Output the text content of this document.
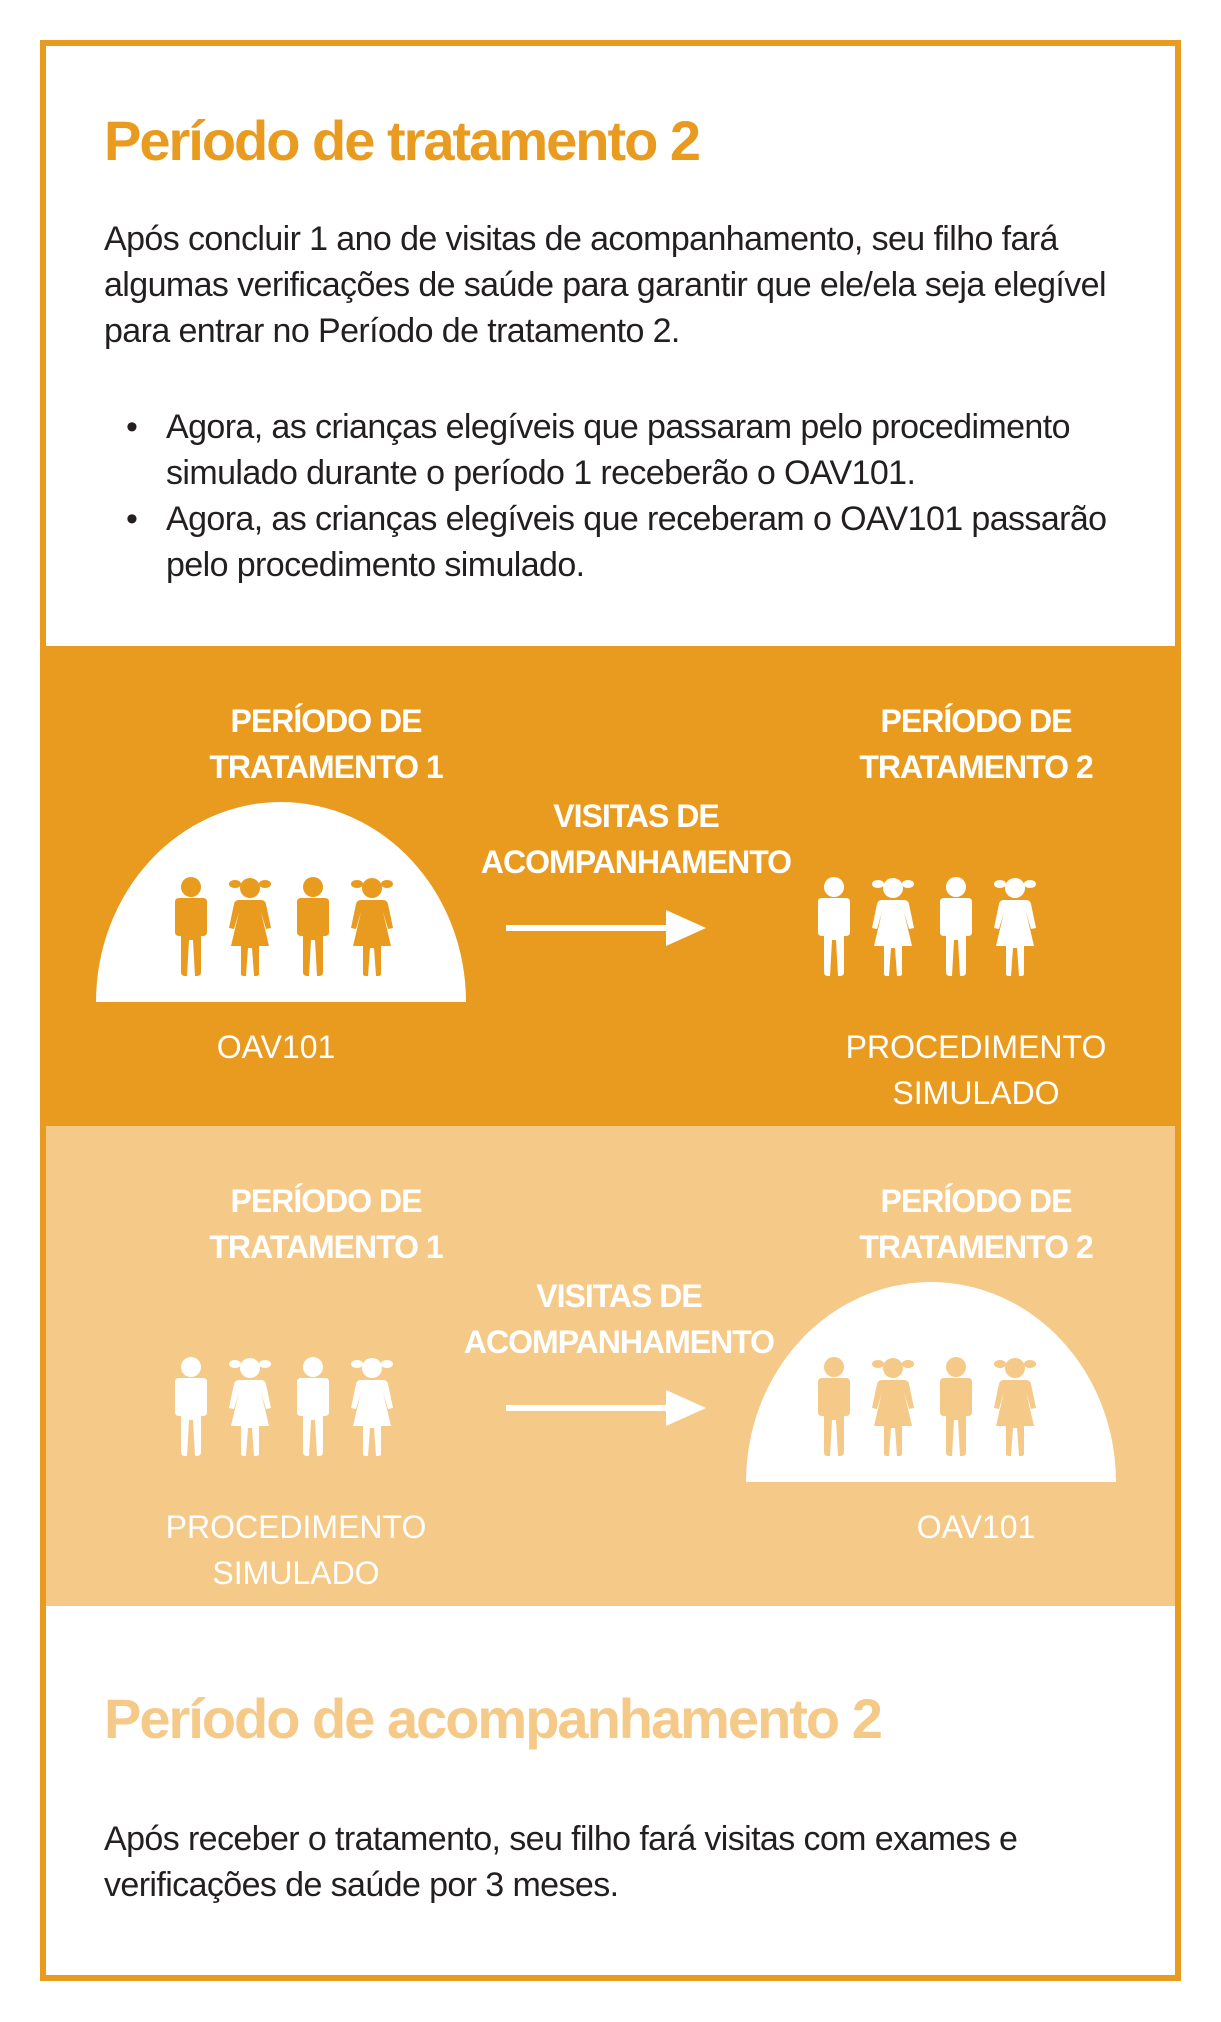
Período de tratamento 2

Após concluir 1 ano de visitas de acompanhamento, seu filho fará algumas verificações de saúde para garantir que ele/ela seja elegível para entrar no Período de tratamento 2.

• Agora, as crianças elegíveis que passaram pelo procedimento simulado durante o período 1 receberão o OAV101.
• Agora, as crianças elegíveis que receberam o OAV101 passarão pelo procedimento simulado.
PERÍODO DE TRATAMENTO 1
PERÍODO DE TRATAMENTO 2
VISITAS DE ACOMPANHAMENTO
OAV101	PROCEDIMENTO SIMULADO
PERÍODO DE TRATAMENTO 1
PERÍODO DE TRATAMENTO 2
VISITAS DE ACOMPANHAMENTO
PROCEDIMENTO SIMULADO
OAV101
Período de acompanhamento 2

Após receber o tratamento, seu filho fará visitas com exames e verificações de saúde por 3 meses.
